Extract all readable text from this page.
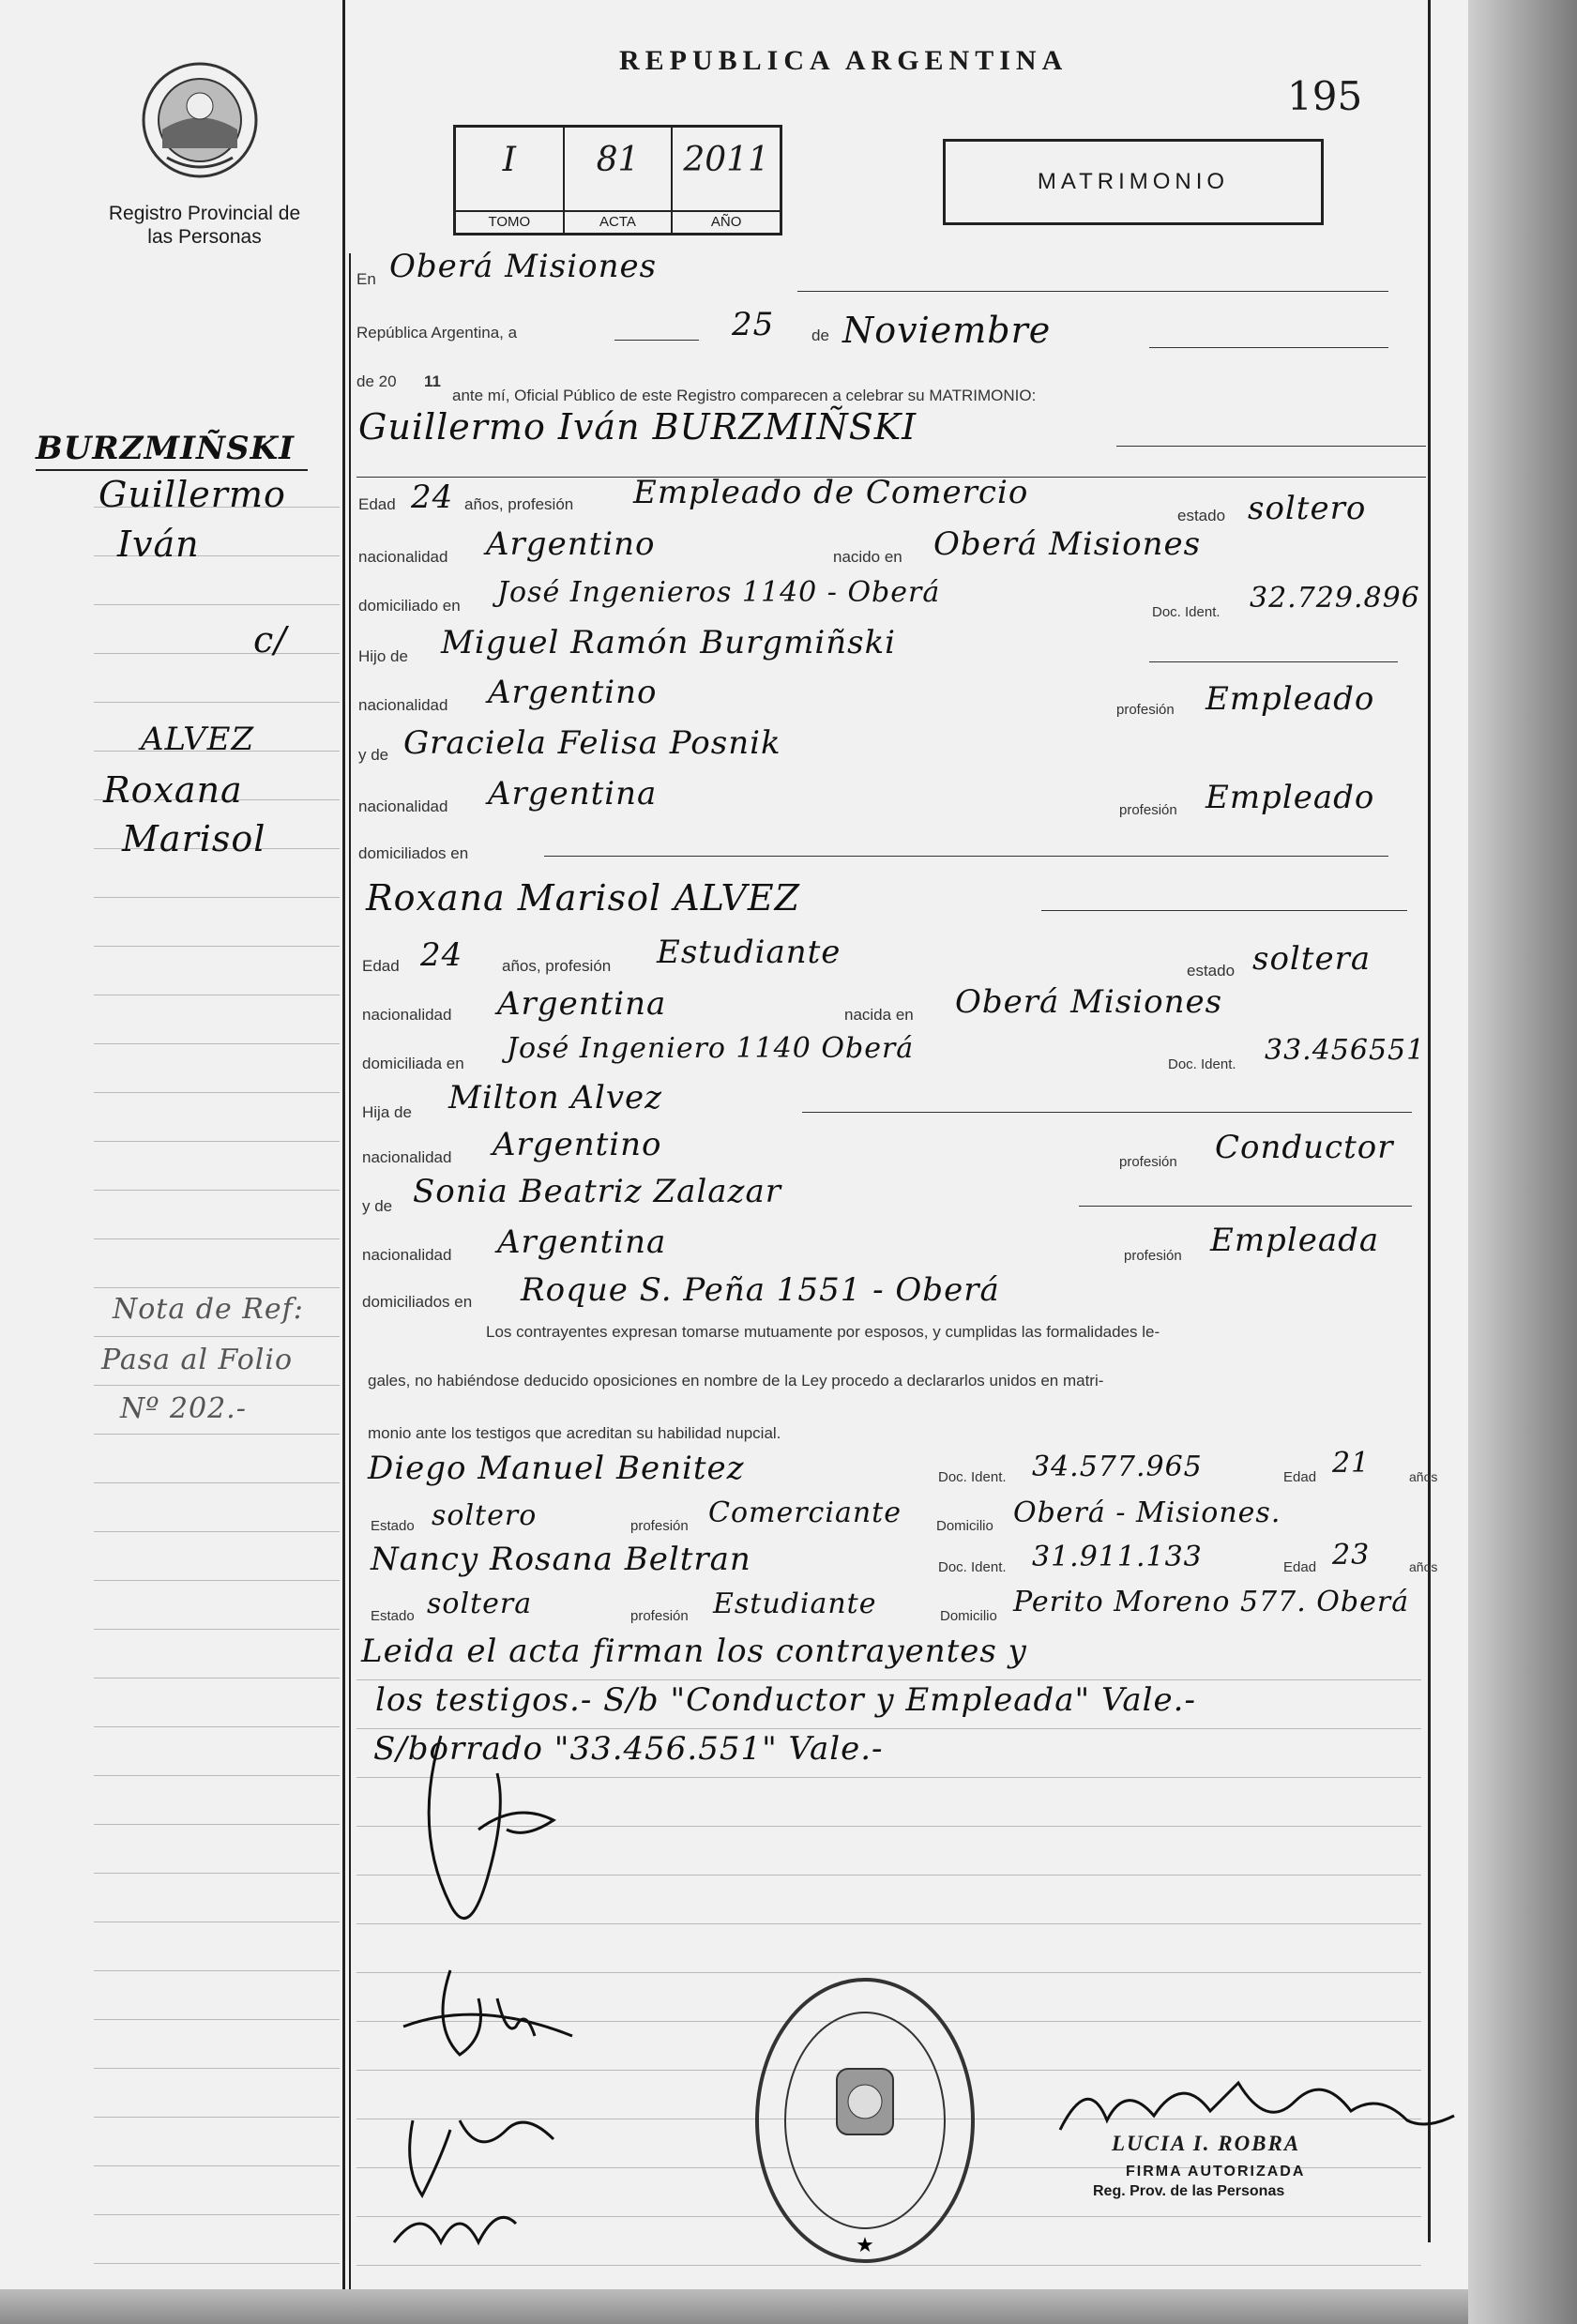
Registro Provincial de las Personas
REPUBLICA ARGENTINA
195
I
TOMO
81
ACTA
2011
AÑO
MATRIMONIO
BURZMIÑSKI
Guillermo
Iván
c/
ALVEZ
Roxana
Marisol
Nota de Ref:
Pasa al Folio
Nº 202.-
En Oberá Misiones
República Argentina, a	25 de Noviembre
de 20 11
ante mí, Oficial Público de este Registro comparecen a celebrar su MATRIMONIO:
Guillermo Iván BURZMIÑSKI
Edad 24 años, profesión Empleado de Comercio
estado soltero
nacionalidad Argentino	nacido en Oberá Misiones
domiciliado en José Ingenieros 1140 - Oberá
Doc. Ident. 32.729.896
Hijo de Miguel Ramón Burgmiñski
nacionalidad Argentino	profesión Empleado
y de Graciela Felisa Posnik
nacionalidad Argentina	profesión Empleado
domiciliados en
Roxana Marisol ALVEZ
Edad 24 años, profesión Estudiante	estado soltera
nacionalidad Argentina	nacida en Oberá Misiones
domiciliada en José Ingeniero 1140 Oberá	Doc. Ident. 33.456551
Hija de Milton Alvez
nacionalidad Argentino	profesión Conductor
y de Sonia Beatriz Zalazar
nacionalidad Argentina	profesión Empleada
domiciliados en Roque S. Peña 1551 - Oberá
Los contrayentes expresan tomarse mutuamente por esposos, y cumplidas las formalidades le-
gales, no habiéndose deducido oposiciones en nombre de la Ley procedo a declararlos unidos en matri-
monio ante los testigos que acreditan su habilidad nupcial.
Diego Manuel Benitez	Doc. Ident. 34.577.965	Edad 21	años
Estado soltero	profesión Comerciante Domicilio Oberá - Misiones.
Nancy Rosana Beltran	Doc. Ident. 31.911.133	Edad 23	años
Estado soltera	profesión Estudiante	Domicilio Perito Moreno 577. Oberá
Leida el acta firman los contrayentes y
los testigos.- S/b "Conductor y Empleada" Vale.-
S/borrado "33.456.551" Vale.-
★
LUCIA I. ROBRA
FIRMA AUTORIZADA
Reg. Prov. de las Personas
